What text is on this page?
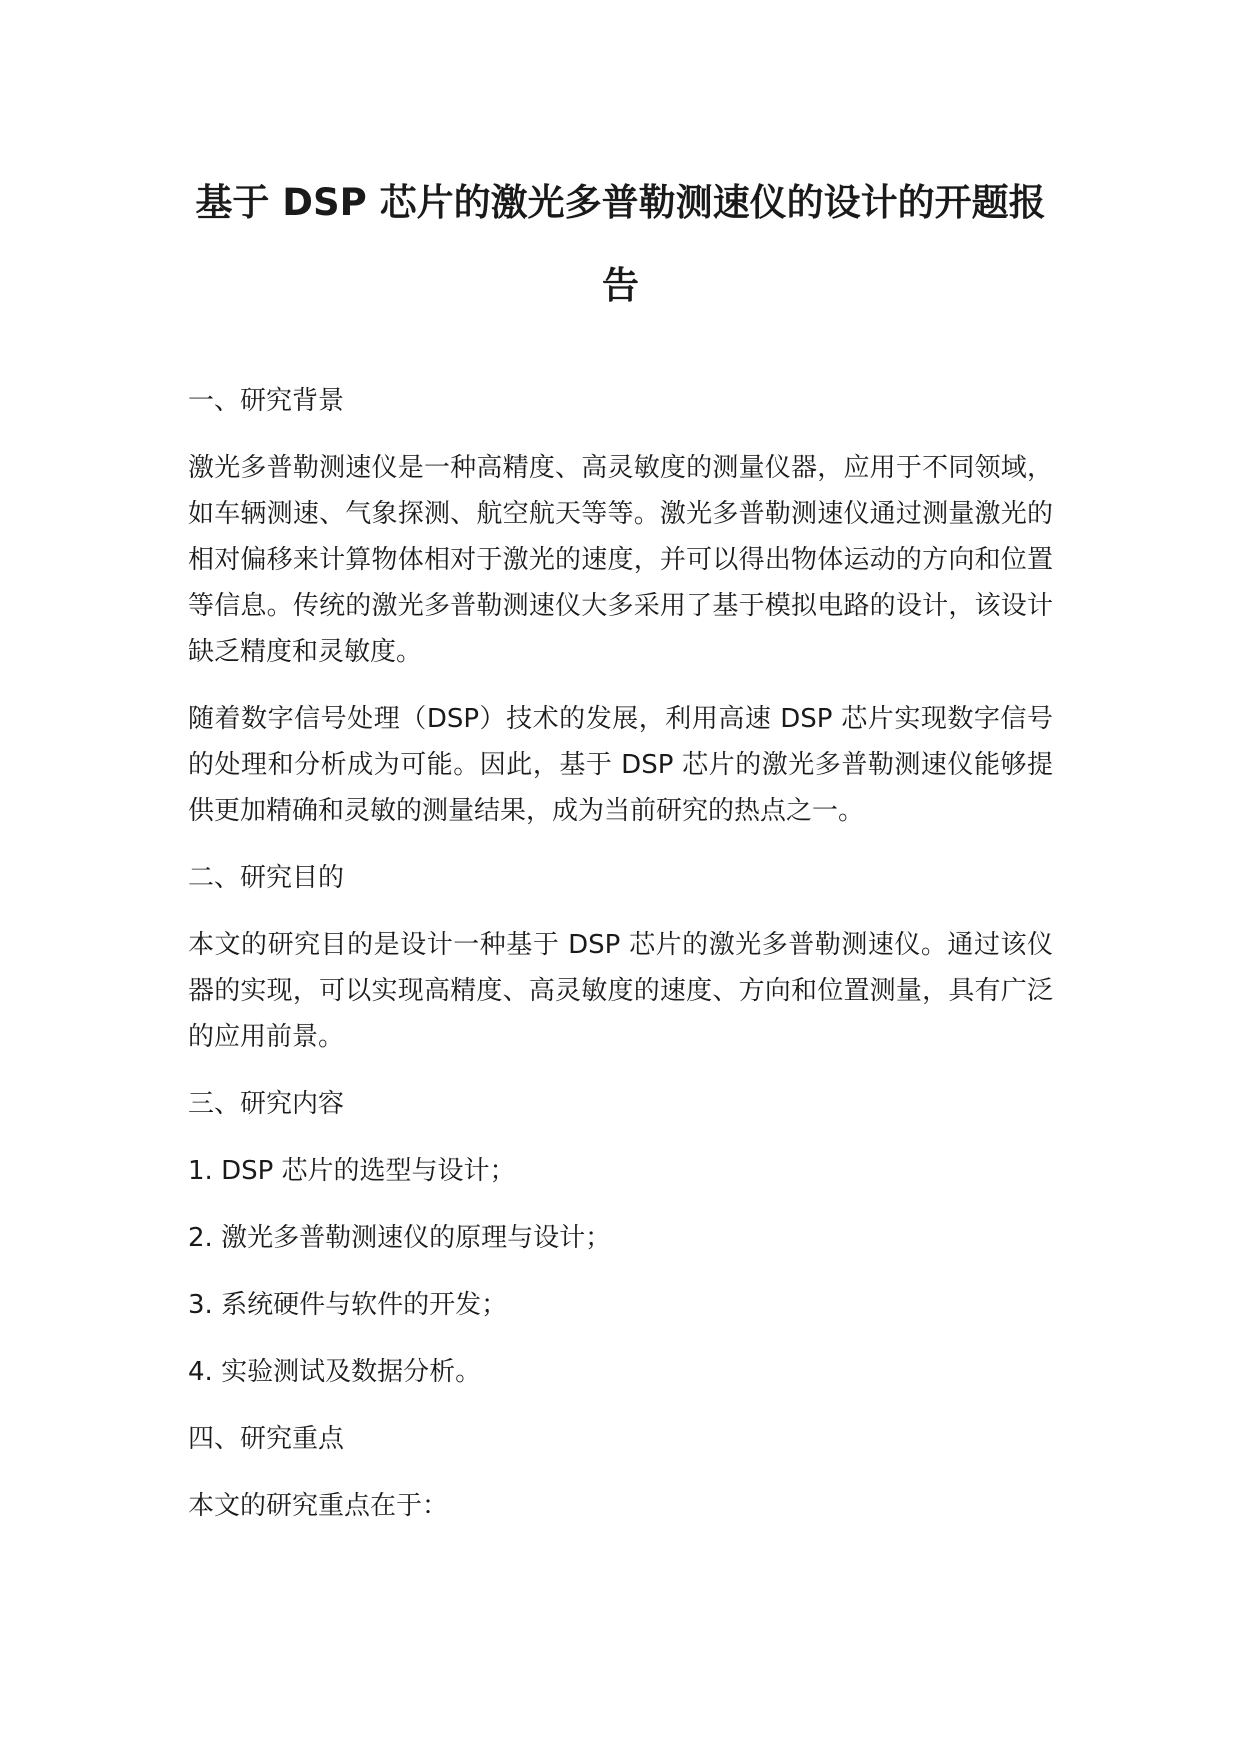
基于 DSP 芯片的激光多普勒测速仪的设计的开题报
告

一、研究背景

激光多普勒测速仪是一种高精度、高灵敏度的测量仪器，应用于不同领域，如车辆测速、气象探测、航空航天等等。激光多普勒测速仪通过测量激光的相对偏移来计算物体相对于激光的速度，并可以得出物体运动的方向和位置等信息。传统的激光多普勒测速仪大多采用了基于模拟电路的设计，该设计缺乏精度和灵敏度。

随着数字信号处理（DSP）技术的发展，利用高速 DSP 芯片实现数字信号的处理和分析成为可能。因此，基于 DSP 芯片的激光多普勒测速仪能够提供更加精确和灵敏的测量结果，成为当前研究的热点之一。

二、研究目的

本文的研究目的是设计一种基于 DSP 芯片的激光多普勒测速仪。通过该仪器的实现，可以实现高精度、高灵敏度的速度、方向和位置测量，具有广泛的应用前景。

三、研究内容

1. DSP 芯片的选型与设计；

2. 激光多普勒测速仪的原理与设计；

3. 系统硬件与软件的开发；

4. 实验测试及数据分析。

四、研究重点

本文的研究重点在于：
